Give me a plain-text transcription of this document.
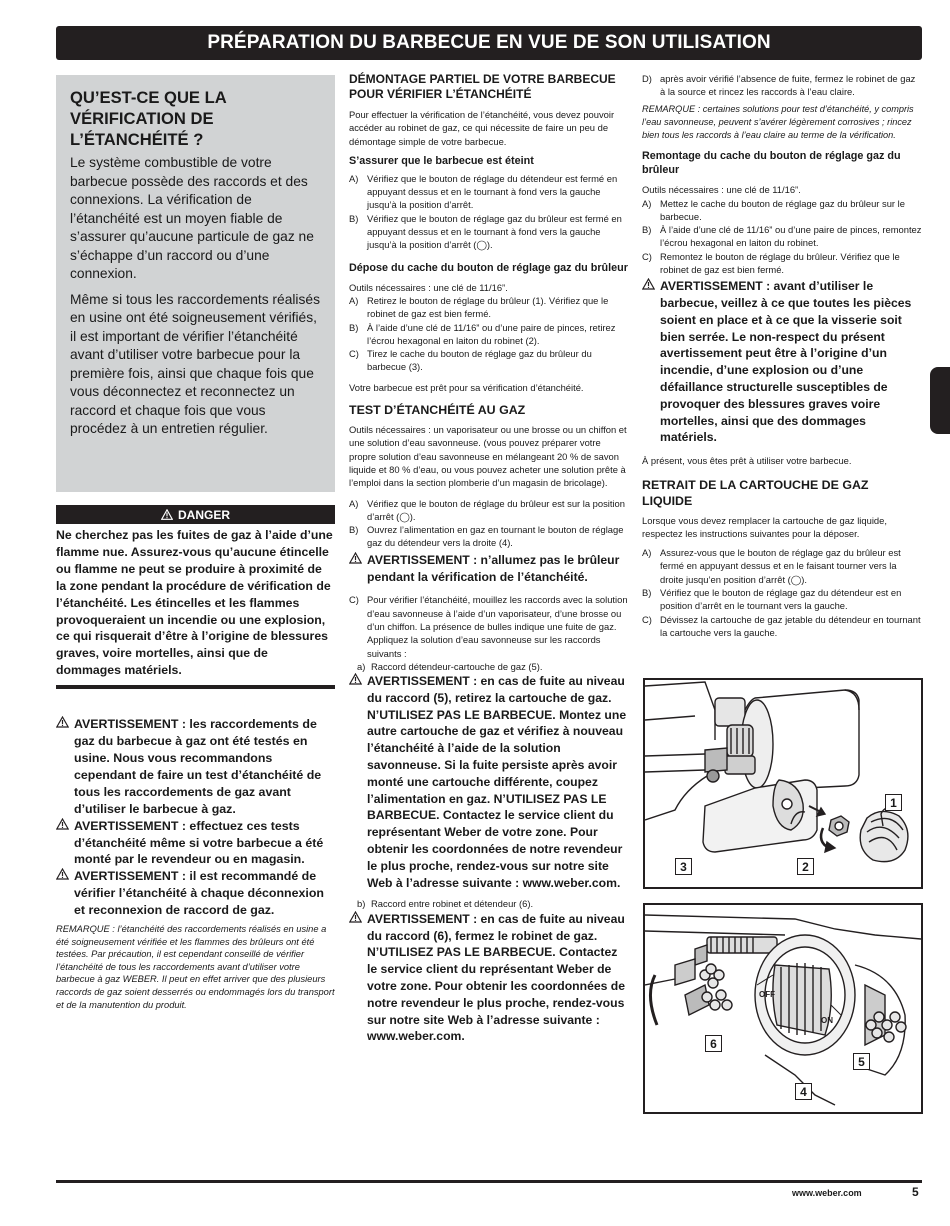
PRÉPARATION DU BARBECUE EN VUE DE SON UTILISATION
QU’EST-CE QUE LA VÉRIFICATION DE L’ÉTANCHÉITÉ ?

Le système combustible de votre barbecue possède des raccords et des connexions. La vérification de l’étanchéité est un moyen fiable de s’assurer qu’aucune particule de gaz ne s’échappe d’un raccord ou d’une connexion.

Même si tous les raccordements réalisés en usine ont été soigneusement vérifiés, il est important de vérifier l’étanchéité avant d’utiliser votre barbecue pour la première fois, ainsi que chaque fois que vous déconnectez et reconnectez un raccord et chaque fois que vous procédez à un entretien régulier.

DANGER
Ne cherchez pas les fuites de gaz à l’aide d’une flamme nue. Assurez-vous qu’aucune étincelle ou flamme ne peut se produire à proximité de la zone pendant la procédure de vérification de l’étanchéité. Les étincelles et les flammes provoqueraient un incendie ou une explosion, ce qui risquerait d’être à l’origine de blessures graves, voire mortelles, ainsi que de dommages matériels.
AVERTISSEMENT : les raccordements de gaz du barbecue à gaz ont été testés en usine. Nous vous recommandons cependant de faire un test d’étanchéité de tous les raccordements de gaz avant d’utiliser le barbecue à gaz.
AVERTISSEMENT : effectuez ces tests d’étanchéité même si votre barbecue a été monté par le revendeur ou en magasin.
AVERTISSEMENT : il est recommandé de vérifier l’étanchéité à chaque déconnexion et reconnexion de raccord de gaz.
REMARQUE : l’étanchéité des raccordements réalisés en usine a été soigneusement vérifiée et les flammes des brûleurs ont été testées. Par précaution, il est cependant conseillé de vérifier l’étanchéité de tous les raccordements avant d’utiliser votre barbecue à gaz WEBER. Il peut en effet arriver que des plusieurs raccords de gaz soient desserrés ou endommagés lors du transport et de la manutention du produit.
DÉMONTAGE PARTIEL DE VOTRE BARBECUE POUR VÉRIFIER L’ÉTANCHÉITÉ
Pour effectuer la vérification de l’étanchéité, vous devez pouvoir accéder au robinet de gaz, ce qui nécessite de faire un peu de démontage simple de votre barbecue.
S’assurer que le barbecue est éteint
A) Vérifiez que le bouton de réglage du détendeur est fermé en appuyant dessus et en le tournant à fond vers la gauche jusqu’à la position d’arrêt.
B) Vérifiez que le bouton de réglage gaz du brûleur est fermé en appuyant dessus et en le tournant à fond vers la gauche jusqu’à la position d’arrêt (◯).
Dépose du cache du bouton de réglage gaz du brûleur
Outils nécessaires : une clé de 11/16”.
A) Retirez le bouton de réglage du brûleur (1). Vérifiez que le robinet de gaz est bien fermé.
B) À l’aide d’une clé de 11/16” ou d’une paire de pinces, retirez l’écrou hexagonal en laiton du robinet (2).
C) Tirez le cache du bouton de réglage gaz du brûleur du barbecue (3).
Votre barbecue est prêt pour sa vérification d’étanchéité.
TEST D’ÉTANCHÉITÉ AU GAZ
Outils nécessaires : un vaporisateur ou une brosse ou un chiffon et une solution d’eau savonneuse. (vous pouvez préparer votre propre solution d’eau savonneuse en mélangeant 20 % de savon liquide et 80 % d’eau, ou vous pouvez acheter une solution prête à l’emploi dans la section plomberie d’un magasin de bricolage).
A) Vérifiez que le bouton de réglage du brûleur est sur la position d’arrêt (◯).
B) Ouvrez l’alimentation en gaz en tournant le bouton de réglage gaz du détendeur vers la droite (4).
AVERTISSEMENT : n’allumez pas le brûleur pendant la vérification de l’étanchéité.
C) Pour vérifier l’étanchéité, mouillez les raccords avec la solution d’eau savonneuse à l’aide d’un vaporisateur, d’une brosse ou d’un chiffon. La présence de bulles indique une fuite de gaz. Appliquez la solution d’eau savonneuse sur les raccords suivants :
a) Raccord détendeur-cartouche de gaz (5).
AVERTISSEMENT : en cas de fuite au niveau du raccord (5), retirez la cartouche de gaz. N’UTILISEZ PAS LE BARBECUE. Montez une autre cartouche de gaz et vérifiez à nouveau l’étanchéité à l’aide de la solution savonneuse. Si la fuite persiste après avoir monté une cartouche différente, coupez l’alimentation en gaz. N’UTILISEZ PAS LE BARBECUE. Contactez le service client du représentant Weber de votre zone. Pour obtenir les coordonnées de notre revendeur le plus proche, rendez-vous sur notre site Web à l’adresse suivante : www.weber.com.
b) Raccord entre robinet et détendeur (6).
AVERTISSEMENT : en cas de fuite au niveau du raccord (6), fermez le robinet de gaz. N’UTILISEZ PAS LE BARBECUE. Contactez le service client du représentant Weber de votre zone. Pour obtenir les coordonnées de notre revendeur le plus proche, rendez-vous sur notre site Web à l’adresse suivante : www.weber.com.
D) après avoir vérifié l’absence de fuite, fermez le robinet de gaz à la source et rincez les raccords à l’eau claire.
REMARQUE : certaines solutions pour test d’étanchéité, y compris l’eau savonneuse, peuvent s’avérer légèrement corrosives ; rincez bien tous les raccords à l’eau claire au terme de la vérification.
Remontage du cache du bouton de réglage gaz du brûleur
Outils nécessaires : une clé de 11/16”.
A) Mettez le cache du bouton de réglage gaz du brûleur sur le barbecue.
B) À l’aide d’une clé de 11/16” ou d’une paire de pinces, remontez l’écrou hexagonal en laiton du robinet.
C) Remontez le bouton de réglage du brûleur. Vérifiez que le robinet de gaz est bien fermé.
AVERTISSEMENT : avant d’utiliser le barbecue, veillez à ce que toutes les pièces soient en place et à ce que la visserie soit bien serrée. Le non-respect du présent avertissement peut être à l’origine d’un incendie, d’une explosion ou d’une défaillance structurelle susceptibles de provoquer des blessures graves voire mortelles, ainsi que des dommages matériels.
À présent, vous êtes prêt à utiliser votre barbecue.
RETRAIT DE LA CARTOUCHE DE GAZ LIQUIDE
Lorsque vous devez remplacer la cartouche de gaz liquide, respectez les instructions suivantes pour la déposer.
A) Assurez-vous que le bouton de réglage gaz du brûleur est fermé en appuyant dessus et en le faisant tourner vers la droite jusqu’en position d’arrêt (◯).
B) Vérifiez que le bouton de réglage gaz du détendeur est en position d’arrêt en le tournant vers la gauche.
C) Dévissez la cartouche de gaz jetable du détendeur en tournant la cartouche vers la gauche.
1
2
3
OFF
ON
6
5
4
www.weber.com	5
